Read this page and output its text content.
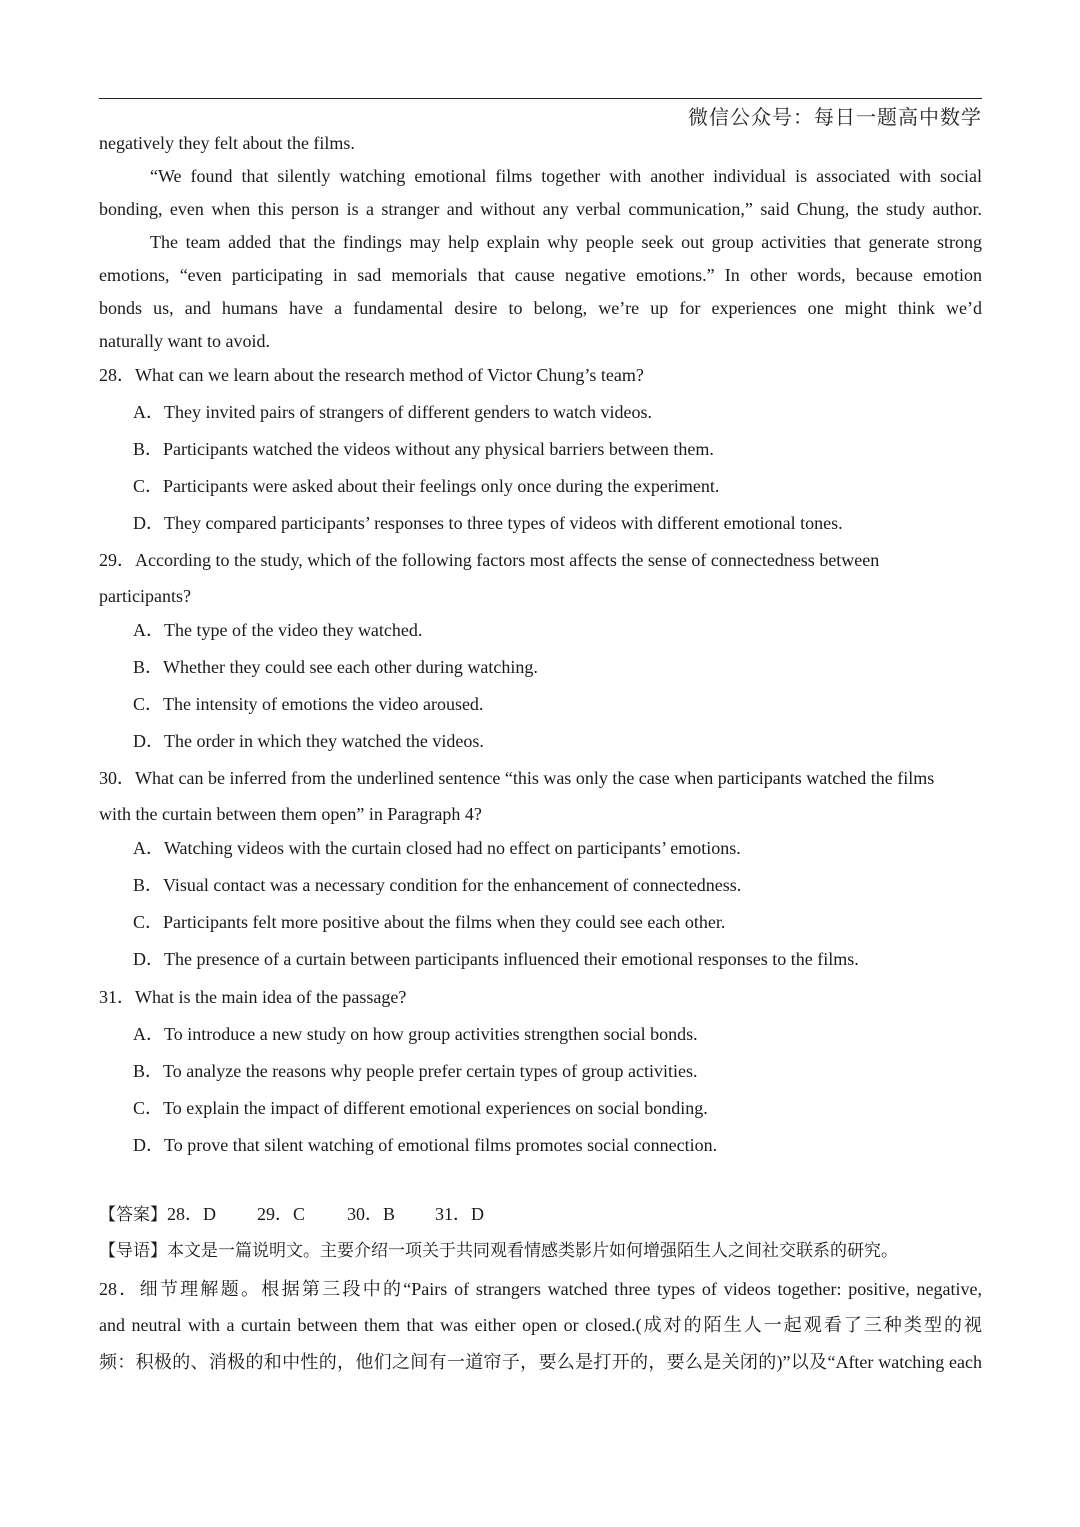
微信公众号：每日一题高中数学
negatively they felt about the films.
“We found that silently watching emotional films together with another individual is associated with social
bonding, even when this person is a stranger and without any verbal communication,” said Chung, the study author.
The team added that the findings may help explain why people seek out group activities that generate strong
emotions, “even participating in sad memorials that cause negative emotions.” In other words, because emotion
bonds us, and humans have a fundamental desire to belong, we’re up for experiences one might think we’d
naturally want to avoid.
28．What can we learn about the research method of Victor Chung’s team?
A．They invited pairs of strangers of different genders to watch videos.
B．Participants watched the videos without any physical barriers between them.
C．Participants were asked about their feelings only once during the experiment.
D．They compared participants’ responses to three types of videos with different emotional tones.
29．According to the study, which of the following factors most affects the sense of connectedness between
participants?
A．The type of the video they watched.
B．Whether they could see each other during watching.
C．The intensity of emotions the video aroused.
D．The order in which they watched the videos.
30．What can be inferred from the underlined sentence “this was only the case when participants watched the films
with the curtain between them open” in Paragraph 4?
A．Watching videos with the curtain closed had no effect on participants’ emotions.
B．Visual contact was a necessary condition for the enhancement of connectedness.
C．Participants felt more positive about the films when they could see each other.
D．The presence of a curtain between participants influenced their emotional responses to the films.
31．What is the main idea of the passage?
A．To introduce a new study on how group activities strengthen social bonds.
B．To analyze the reasons why people prefer certain types of group activities.
C．To explain the impact of different emotional experiences on social bonding.
D．To prove that silent watching of emotional films promotes social connection.
【答案】28．D 29．C 30．B 31．D
【导语】本文是一篇说明文。主要介绍一项关于共同观看情感类影片如何增强陌生人之间社交联系的研究。
28．细节理解题。根据第三段中的“Pairs of strangers watched three types of videos together: positive, negative,
and neutral with a curtain between them that was either open or closed.(成对的陌生人一起观看了三种类型的视
频：积极的、消极的和中性的，他们之间有一道帘子，要么是打开的，要么是关闭的)”以及“After watching each
